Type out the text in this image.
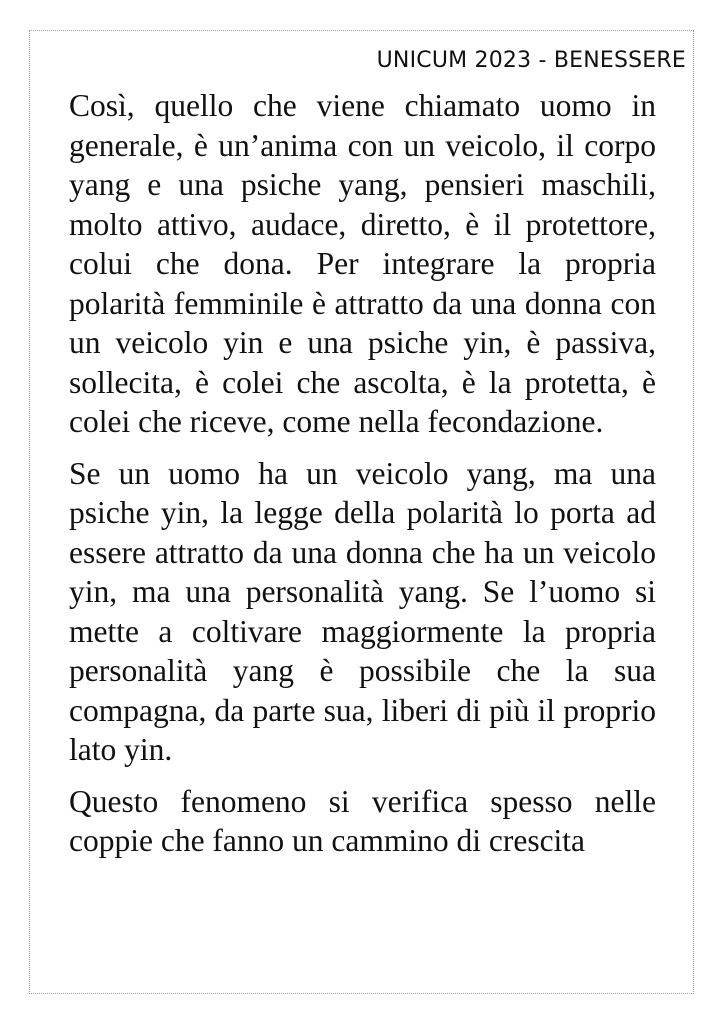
UNICUM 2023 - BENESSERE

Così, quello che viene chiamato uomo in generale, è un’anima con un veicolo, il corpo yang e una psiche yang, pensieri maschili, molto attivo, audace, diretto, è il protettore, colui che dona. Per integrare la propria polarità femminile è attratto da una donna con un veicolo yin e una psiche yin, è passiva, sollecita, è colei che ascolta, è la protetta, è colei che riceve, come nella fecondazione.

Se un uomo ha un veicolo yang, ma una psiche yin, la legge della polarità lo porta ad essere attratto da una donna che ha un veicolo yin, ma una personalità yang. Se l’uomo si mette a coltivare maggiormente la propria personalità yang è possibile che la sua compagna, da parte sua, liberi di più il proprio lato yin.

Questo fenomeno si verifica spesso nelle coppie che fanno un cammino di crescita
